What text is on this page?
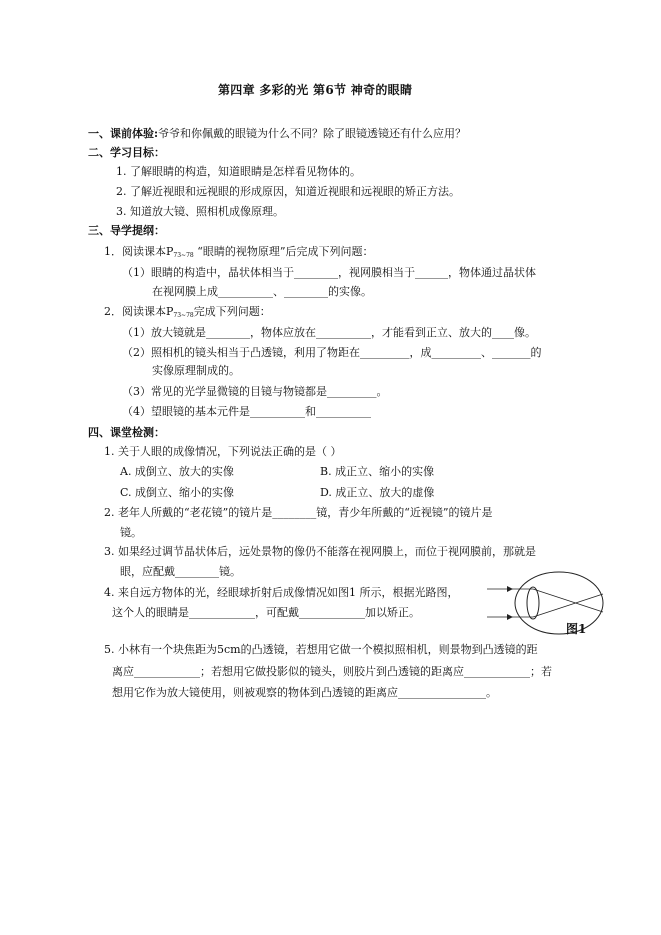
第四章 多彩的光 第6节 神奇的眼睛
一、课前体验:爷爷和你佩戴的眼镜为什么不同？除了眼镜透镜还有什么应用？
二、学习目标：
1. 了解眼睛的构造，知道眼睛是怎样看见物体的。
2. 了解近视眼和远视眼的形成原因，知道近视眼和远视眼的矫正方法。
3. 知道放大镜、照相机成像原理。
三、导学提纲：
1．阅读课本$P_{73\sim 78}$ “眼睛的视物原理”后完成下列问题：
（1）眼睛的构造中，晶状体相当于________，视网膜相当于______，物体通过晶状体
在视网膜上成__________、________的实像。
2．阅读课本$P_{73\sim 78}$完成下列问题：
（1）放大镜就是________，物体应放在__________，才能看到正立、放大的____像。
（2）照相机的镜头相当于凸透镜，利用了物距在_________，成_________、_______的
实像原理制成的。
（3）常见的光学显微镜的目镜与物镜都是_________。
（4）望眼镜的基本元件是__________和__________
四、课堂检测：
1. 关于人眼的成像情况，下列说法正确的是（ ）
A. 成倒立、放大的实像	B. 成正立、缩小的实像
C. 成倒立、缩小的实像	D. 成正立、放大的虚像
2. 老年人所戴的“老花镜”的镜片是________镜，青少年所戴的“近视镜”的镜片是
镜。
3. 如果经过调节晶状体后，远处景物的像仍不能落在视网膜上，而位于视网膜前，那就是
眼，应配戴________镜。
4. 来自远方物体的光，经眼球折射后成像情况如图1 所示，根据光路图，
这个人的眼睛是____________，可配戴____________加以矫正。
图1
5. 小林有一个块焦距为5cm的凸透镜，若想用它做一个模拟照相机，则景物到凸透镜的距
离应____________；若想用它做投影似的镜头，则胶片到凸透镜的距离应____________；若
想用它作为放大镜使用，则被观察的物体到凸透镜的距离应________________。
